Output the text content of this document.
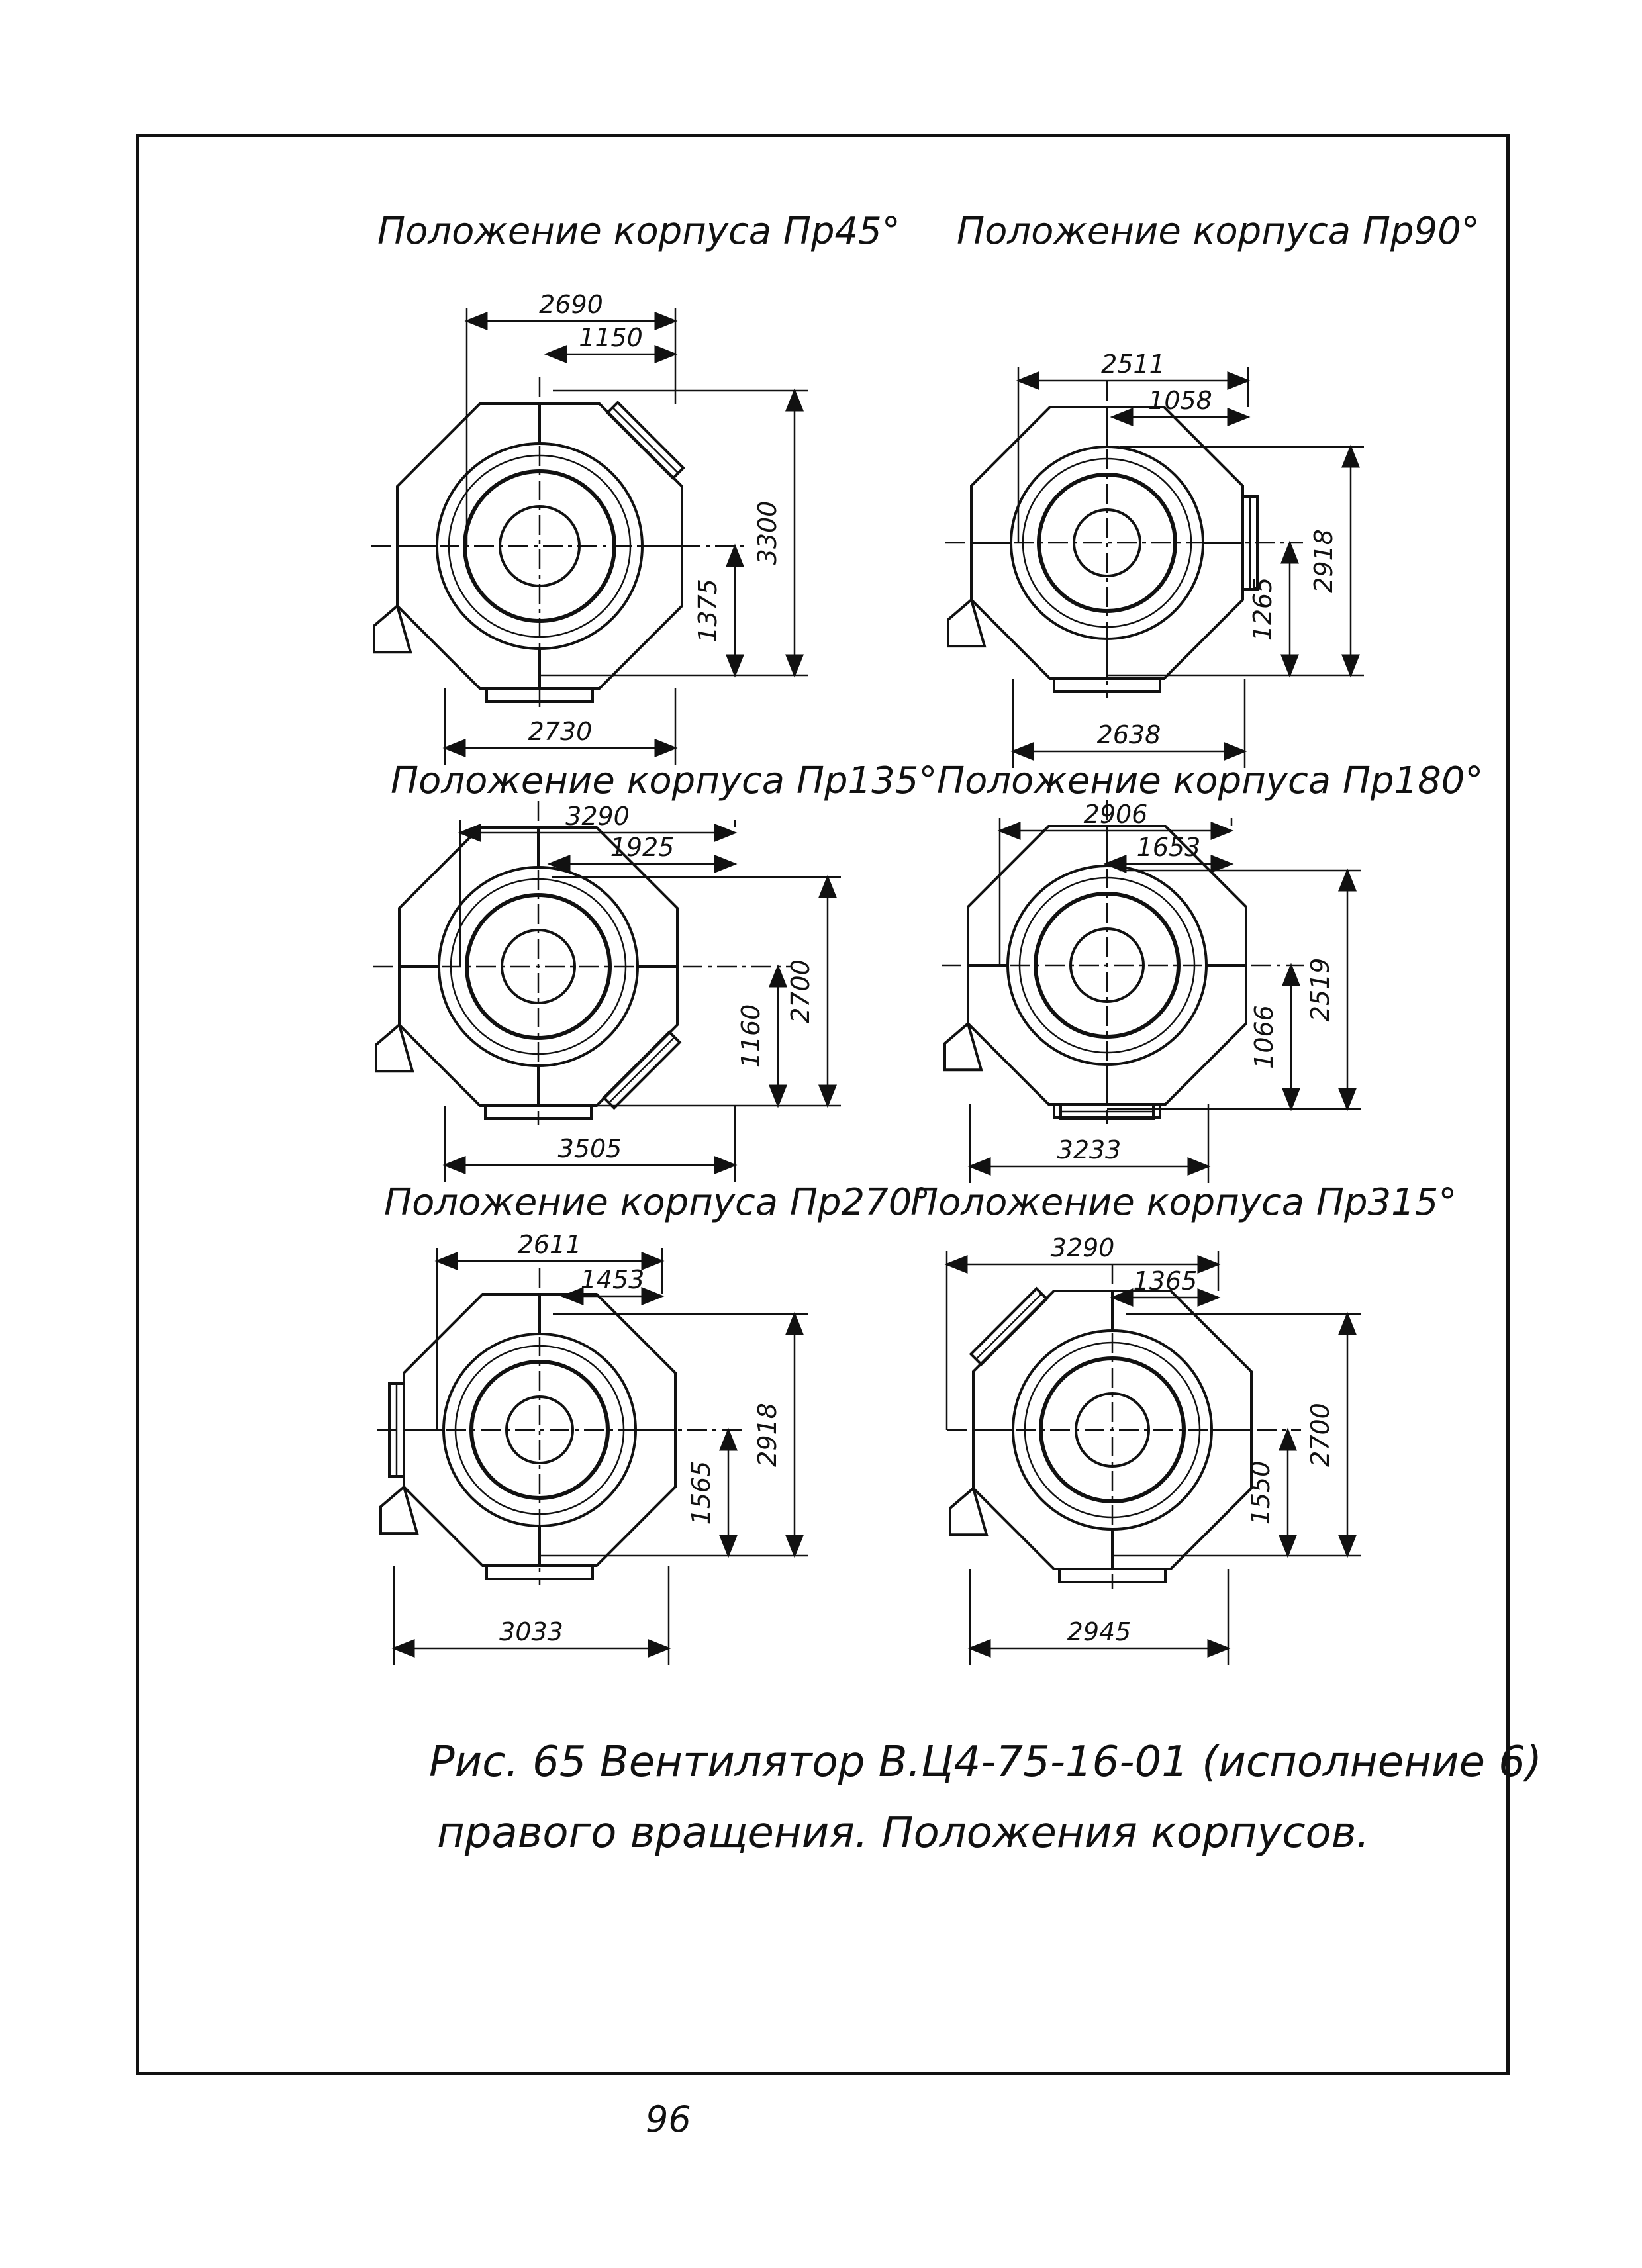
Положение корпуса Пр45°
2690
1150
3300
1375
2730
Положение корпуса Пр90°
2511
1058
2918
1265
2638
Положение корпуса Пр135°
3290
1925
2700
1160
3505
Положение корпуса Пр180°
2906
1653
2519
1066
3233
Положение корпуса Пр270°
2611
1453
2918
1565
3033
Положение корпуса Пр315°
3290
1365
2700
1550
2945
Рис. 65 Вентилятор В.Ц4-75-16-01 (исполнение 6)
правого вращения. Положения корпусов.
96
